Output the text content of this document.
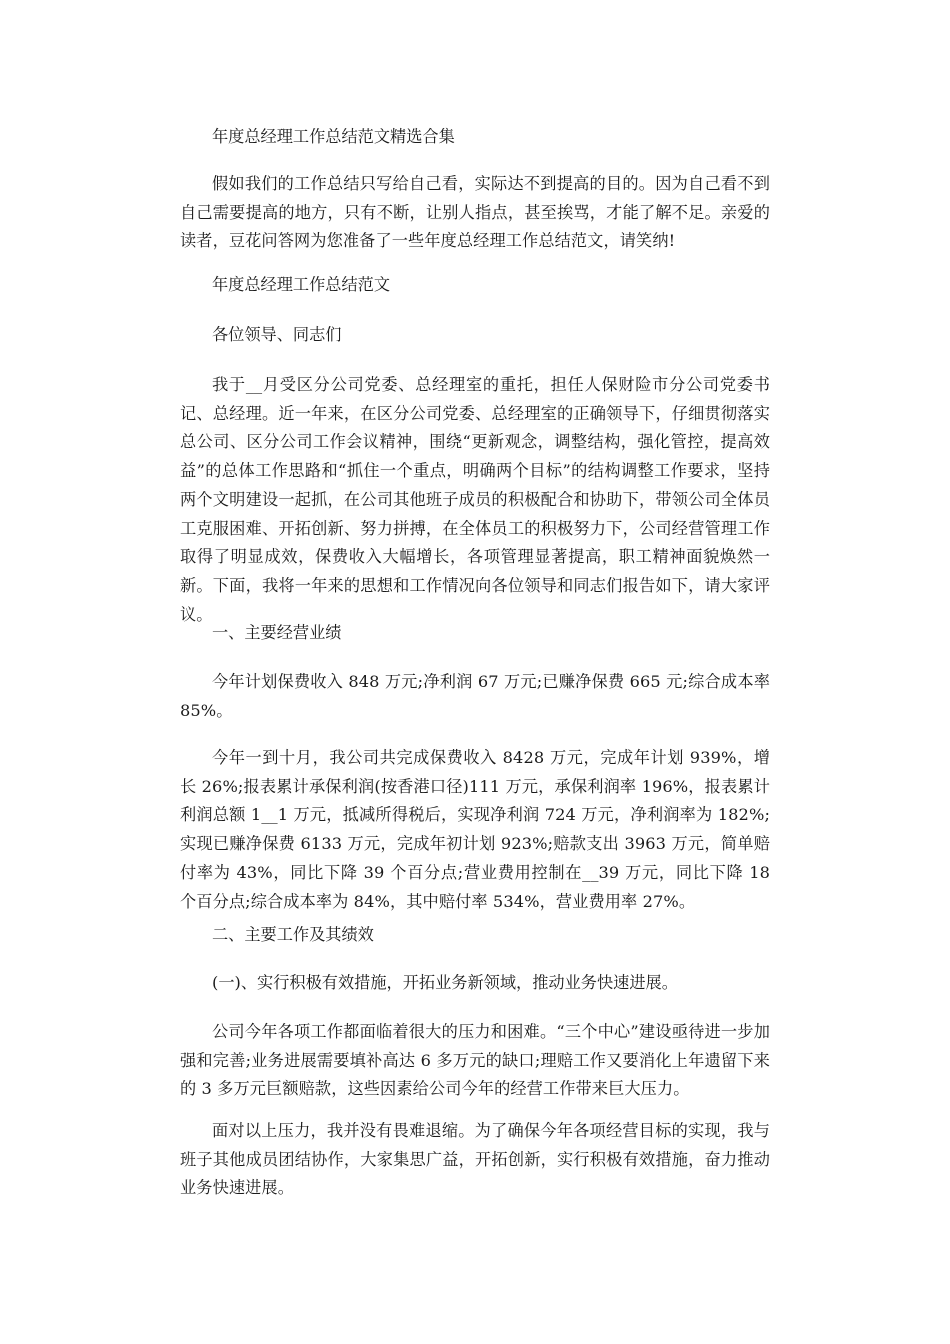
年度总经理工作总结范文精选合集

假如我们的工作总结只写给自己看，实际达不到提高的目的。因为自己看不到自己需要提高的地方，只有不断，让别人指点，甚至挨骂，才能了解不足。亲爱的读者，豆花问答网为您准备了一些年度总经理工作总结范文，请笑纳!

年度总经理工作总结范文

各位领导、同志们

我于__月受区分公司党委、总经理室的重托，担任人保财险市分公司党委书记、总经理。近一年来，在区分公司党委、总经理室的正确领导下，仔细贯彻落实总公司、区分公司工作会议精神，围绕“更新观念，调整结构，强化管控，提高效益”的总体工作思路和“抓住一个重点，明确两个目标”的结构调整工作要求，坚持两个文明建设一起抓，在公司其他班子成员的积极配合和协助下，带领公司全体员工克服困难、开拓创新、努力拼搏，在全体员工的积极努力下，公司经营管理工作取得了明显成效，保费收入大幅增长，各项管理显著提高，职工精神面貌焕然一新。下面，我将一年来的思想和工作情况向各位领导和同志们报告如下，请大家评议。

一、主要经营业绩

今年计划保费收入 848 万元;净利润 67 万元;已赚净保费 665 元;综合成本率 85%。

今年一到十月，我公司共完成保费收入 8428 万元，完成年计划 939%，增长 26%;报表累计承保利润(按香港口径)111 万元，承保利润率 196%，报表累计利润总额 1__1 万元，抵减所得税后，实现净利润 724 万元，净利润率为 182%;实现已赚净保费 6133 万元，完成年初计划 923%;赔款支出 3963 万元，简单赔付率为 43%，同比下降 39 个百分点;营业费用控制在__39 万元，同比下降 18 个百分点;综合成本率为 84%，其中赔付率 534%，营业费用率 27%。

二、主要工作及其绩效

(一)、实行积极有效措施，开拓业务新领域，推动业务快速进展。

公司今年各项工作都面临着很大的压力和困难。“三个中心”建设亟待进一步加强和完善;业务进展需要填补高达 6 多万元的缺口;理赔工作又要消化上年遗留下来的 3 多万元巨额赔款，这些因素给公司今年的经营工作带来巨大压力。

面对以上压力，我并没有畏难退缩。为了确保今年各项经营目标的实现，我与班子其他成员团结协作，大家集思广益，开拓创新，实行积极有效措施，奋力推动业务快速进展。
